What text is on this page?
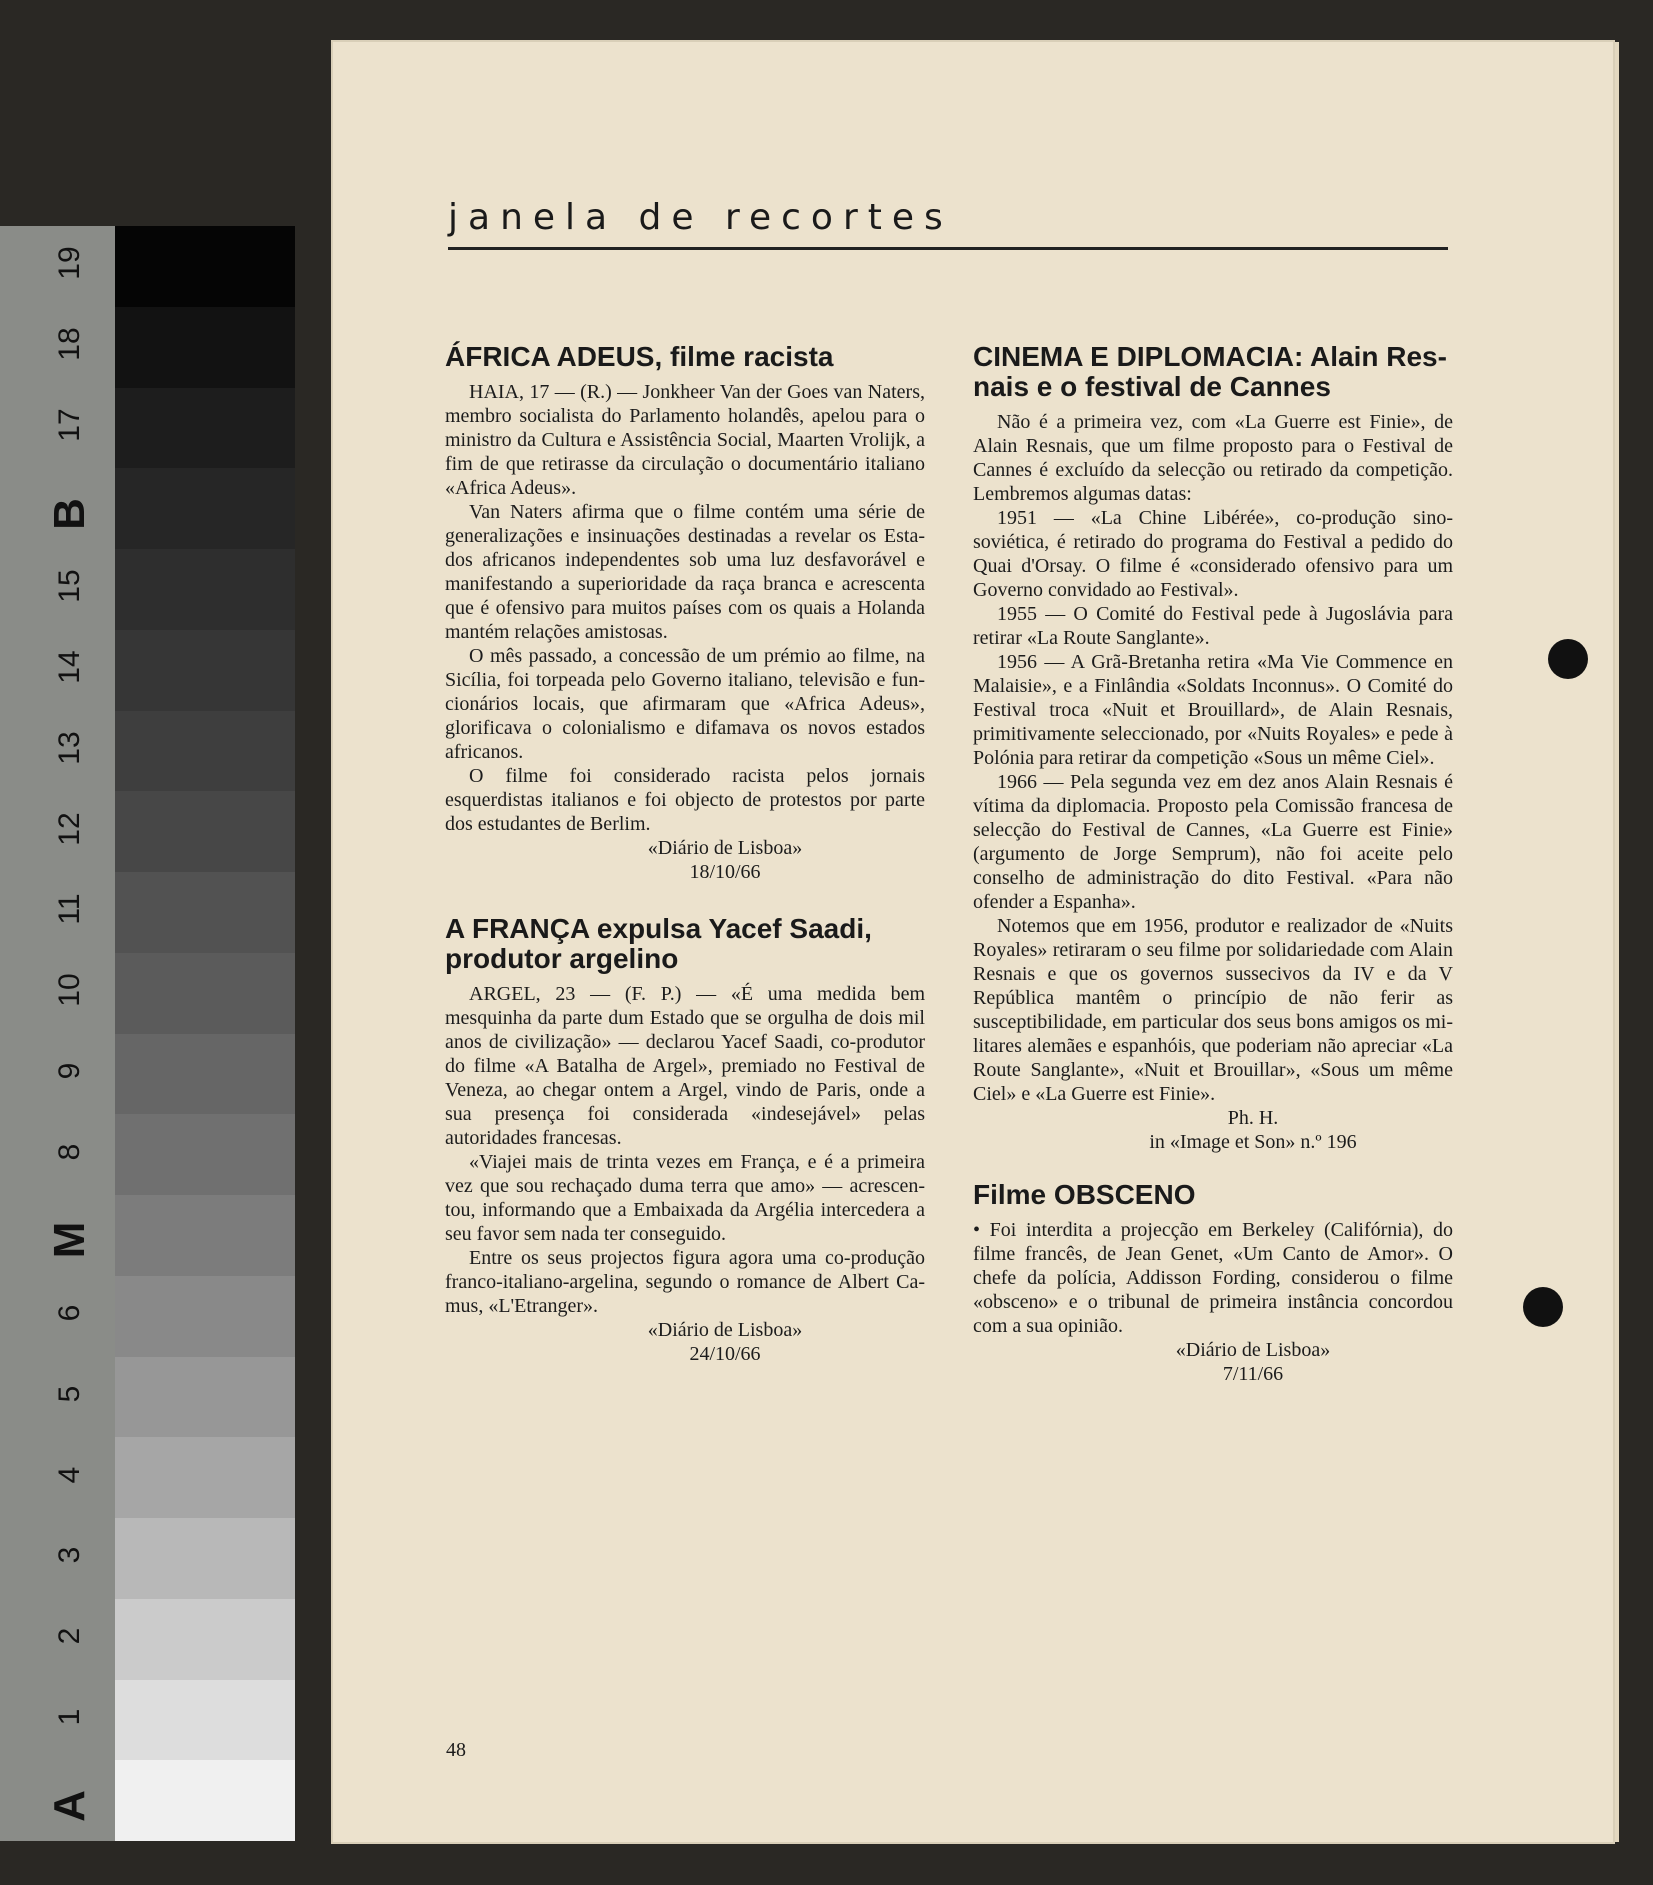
19
18
17
B
15
14
13
12
11
10
9
8
M
6
5
4
3
2
1
A
janela de recortes
ÁFRICA ADEUS, filme racista

HAIA, 17 — (R.) — Jonkheer Van der Goes van Naters, membro socialista do Parlamento holandês, apelou para o ministro da Cultura e Assistência Social, Maarten Vrolijk, a fim de que retirasse da circulação o documentário italiano «Africa Adeus».

Van Naters afirma que o filme contém uma série de generalizações e insinuações destinadas a revelar os Estados africanos independentes sob uma luz desfavorável e manifestando a superioridade da raça branca e acrescenta que é ofensivo para muitos países com os quais a Holanda mantém relações amistosas.

O mês passado, a concessão de um prémio ao filme, na Sicília, foi torpeada pelo Governo italiano, televisão e funcionários locais, que afirmaram que «Africa Adeus», glorificava o colonialismo e difamava os novos estados africanos.

O filme foi considerado racista pelos jornais esquerdistas italianos e foi objecto de protestos por parte dos estudantes de Berlim.

«Diário de Lisboa»

18/10/66

A FRANÇA expulsa Yacef Saadi, produtor argelino

ARGEL, 23 — (F. P.) — «É uma medida bem mesquinha da parte dum Estado que se orgulha de dois mil anos de civilização» — declarou Yacef Saadi, co-produtor do filme «A Batalha de Argel», premiado no Festival de Veneza, ao chegar ontem a Argel, vindo de Paris, onde a sua presença foi considerada «indesejável» pelas autoridades francesas.

«Viajei mais de trinta vezes em França, e é a primeira vez que sou rechaçado duma terra que amo» — acrescentou, informando que a Embaixada da Argélia intercedera a seu favor sem nada ter conseguido.

Entre os seus projectos figura agora uma co-produção franco-italiano-argelina, segundo o romance de Albert Camus, «L'Etranger».

«Diário de Lisboa»

24/10/66

CINEMA E DIPLOMACIA: Alain Resnais e o festival de Cannes

Não é a primeira vez, com «La Guerre est Finie», de Alain Resnais, que um filme proposto para o Festival de Cannes é excluído da selecção ou retirado da competição. Lembremos algumas datas:

1951 — «La Chine Libérée», co-produção sino-soviética, é retirado do programa do Festival a pedido do Quai d'Orsay. O filme é «considerado ofensivo para um Governo convidado ao Festival».

1955 — O Comité do Festival pede à Jugoslávia para retirar «La Route Sanglante».

1956 — A Grã-Bretanha retira «Ma Vie Commence en Malaisie», e a Finlândia «Soldats Inconnus». O Comité do Festival troca «Nuit et Brouillard», de Alain Resnais, primitivamente seleccionado, por «Nuits Royales» e pede à Polónia para retirar da competição «Sous un même Ciel».

1966 — Pela segunda vez em dez anos Alain Resnais é vítima da diplomacia. Proposto pela Comissão francesa de selecção do Festival de Cannes, «La Guerre est Finie» (argumento de Jorge Semprum), não foi aceite pelo conselho de administração do dito Festival. «Para não ofender a Espanha».

Notemos que em 1956, produtor e realizador de «Nuits Royales» retiraram o seu filme por solidariedade com Alain Resnais e que os governos sussecivos da IV e da V República mantêm o princípio de não ferir as susceptibilidade, em particular dos seus bons amigos os militares alemães e espanhóis, que poderiam não apreciar «La Route Sanglante», «Nuit et Brouillar», «Sous um même Ciel» e «La Guerre est Finie».

Ph. H.

in «Image et Son» n.º 196

Filme OBSCENO

• Foi interdita a projecção em Berkeley (Califórnia), do filme francês, de Jean Genet, «Um Canto de Amor». O chefe da polícia, Addisson Fording, considerou o filme «obsceno» e o tribunal de primeira instância concordou com a sua opinião.

«Diário de Lisboa»

7/11/66

48
